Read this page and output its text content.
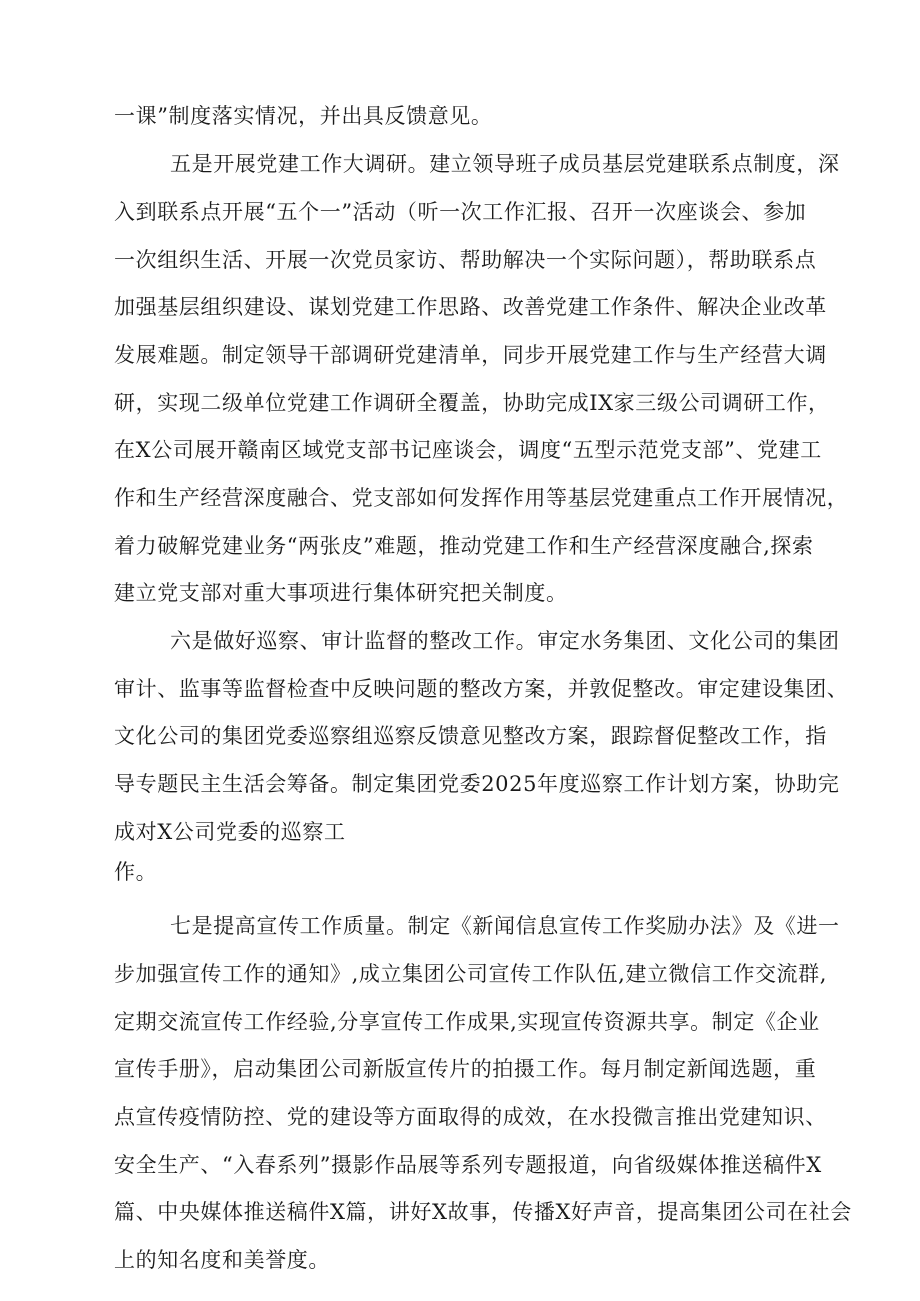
一课”制度落实情况，并出具反馈意见。
五是开展党建工作大调研。建立领导班子成员基层党建联系点制度，深
入到联系点开展“五个一”活动（听一次工作汇报、召开一次座谈会、参加
一次组织生活、开展一次党员家访、帮助解决一个实际问题），帮助联系点
加强基层组织建设、谋划党建工作思路、改善党建工作条件、解决企业改革
发展难题。制定领导干部调研党建清单，同步开展党建工作与生产经营大调
研，实现二级单位党建工作调研全覆盖，协助完成IX家三级公司调研工作，
在X公司展开赣南区域党支部书记座谈会，调度“五型示范党支部”、党建工
作和生产经营深度融合、党支部如何发挥作用等基层党建重点工作开展情况，
着力破解党建业务“两张皮”难题，推动党建工作和生产经营深度融合,探索
建立党支部对重大事项进行集体研究把关制度。
六是做好巡察、审计监督的整改工作。审定水务集团、文化公司的集团
审计、监事等监督检查中反映问题的整改方案，并敦促整改。审定建设集团、
文化公司的集团党委巡察组巡察反馈意见整改方案，跟踪督促整改工作，指
导专题民主生活会筹备。制定集团党委2025年度巡察工作计划方案，协助完
成对X公司党委的巡察工
作。
七是提高宣传工作质量。制定《新闻信息宣传工作奖励办法》及《进一
步加强宣传工作的通知》,成立集团公司宣传工作队伍,建立微信工作交流群,
定期交流宣传工作经验,分享宣传工作成果,实现宣传资源共享。制定《企业
宣传手册》，启动集团公司新版宣传片的拍摄工作。每月制定新闻选题，重
点宣传疫情防控、党的建设等方面取得的成效，在水投微言推出党建知识、
安全生产、“入春系列”摄影作品展等系列专题报道，向省级媒体推送稿件X
篇、中央媒体推送稿件X篇，讲好X故事，传播X好声音，提高集团公司在社会
上的知名度和美誉度。
